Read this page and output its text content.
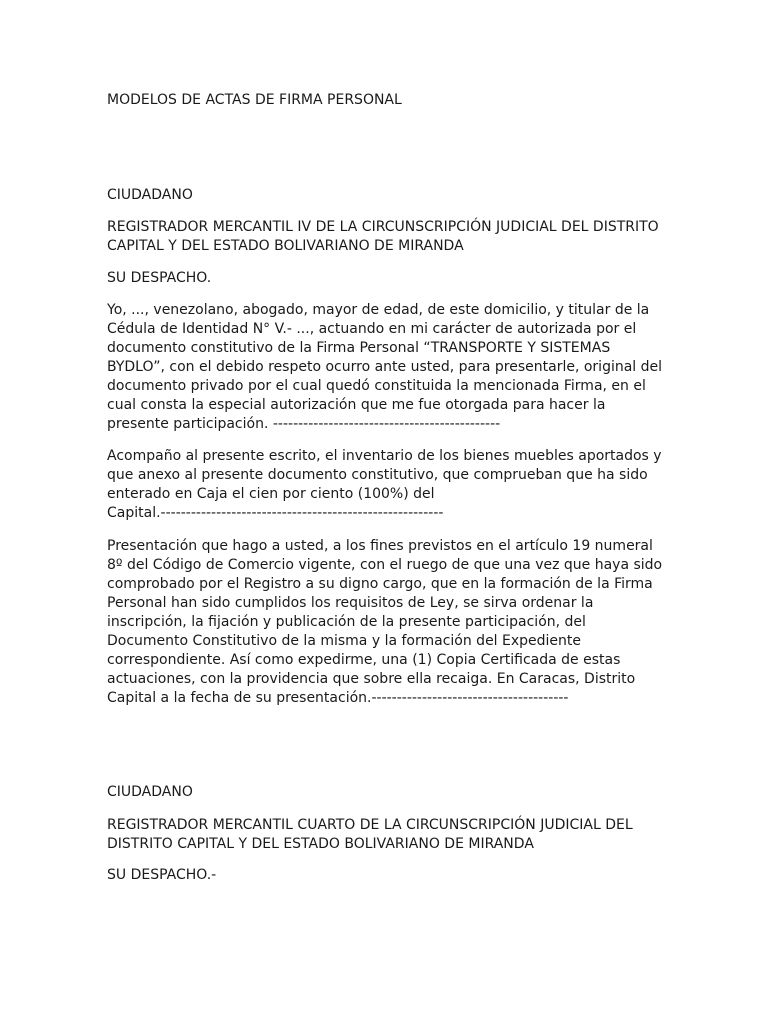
MODELOS DE ACTAS DE FIRMA PERSONAL

CIUDADANO

REGISTRADOR MERCANTIL IV DE LA CIRCUNSCRIPCIÓN JUDICIAL DEL DISTRITO
CAPITAL Y DEL ESTADO BOLIVARIANO DE MIRANDA

SU DESPACHO.

Yo, ..., venezolano, abogado, mayor de edad, de este domicilio, y titular de la
Cédula de Identidad N° V.- ..., actuando en mi carácter de autorizada por el
documento constitutivo de la Firma Personal “TRANSPORTE Y SISTEMAS
BYDLO”, con el debido respeto ocurro ante usted, para presentarle, original del
documento privado por el cual quedó constituida la mencionada Firma, en el
cual consta la especial autorización que me fue otorgada para hacer la
presente participación. ---------------------------------------------

Acompaño al presente escrito, el inventario de los bienes muebles aportados y
que anexo al presente documento constitutivo, que comprueban que ha sido
enterado en Caja el cien por ciento (100%) del
Capital.--------------------------------------------------------

Presentación que hago a usted, a los fines previstos en el artículo 19 numeral
8º del Código de Comercio vigente, con el ruego de que una vez que haya sido
comprobado por el Registro a su digno cargo, que en la formación de la Firma
Personal han sido cumplidos los requisitos de Ley, se sirva ordenar la
inscripción, la fijación y publicación de la presente participación, del
Documento Constitutivo de la misma y la formación del Expediente
correspondiente. Así como expedirme, una (1) Copia Certificada de estas
actuaciones, con la providencia que sobre ella recaiga. En Caracas, Distrito
Capital a la fecha de su presentación.---------------------------------------

CIUDADANO

REGISTRADOR MERCANTIL CUARTO DE LA CIRCUNSCRIPCIÓN JUDICIAL DEL
DISTRITO CAPITAL Y DEL ESTADO BOLIVARIANO DE MIRANDA

SU DESPACHO.-
